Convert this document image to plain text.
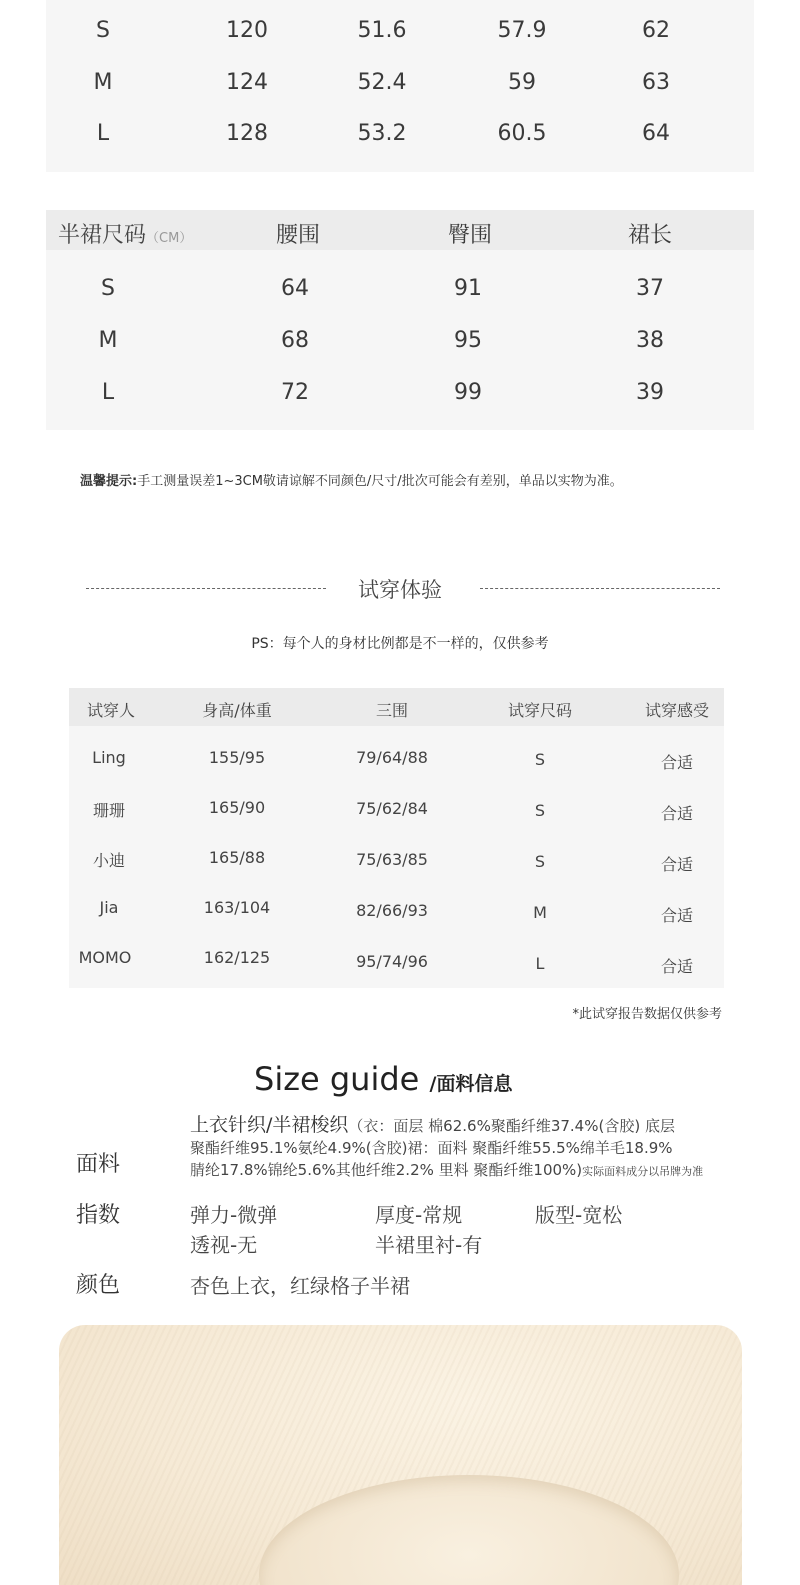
S	120	51.6	57.9	62
M	124	52.4	59	63
L	128	53.2	60.5	64
半裙尺码（CM）	腰围	臀围	裙长
S	64	91	37
M	68	95	38
L	72	99	39
温馨提示:手工测量误差1~3CM敬请谅解不同颜色/尺寸/批次可能会有差别，单品以实物为准。
试穿体验
PS：每个人的身材比例都是不一样的，仅供参考
试穿人	身高/体重	三围	试穿尺码	试穿感受
Ling	155/95	79/64/88	S	合适
珊珊	165/90	75/62/84	S	合适
小迪	165/88	75/63/85	S	合适
Jia	163/104	82/66/93	M	合适
MOMO	162/125	95/74/96	L	合适
*此试穿报告数据仅供参考
Size guide /面料信息
面料
上衣针织/半裙梭织（衣：面层 棉62.6%聚酯纤维37.4%(含胶) 底层
聚酯纤维95.1%氨纶4.9%(含胶)裙：面料 聚酯纤维55.5%绵羊毛18.9%
腈纶17.8%锦纶5.6%其他纤维2.2% 里料 聚酯纤维100%)实际面料成分以吊牌为准
指数	弹力-微弹	厚度-常规	版型-宽松
透视-无	半裙里衬-有
颜色	杏色上衣，红绿格子半裙
